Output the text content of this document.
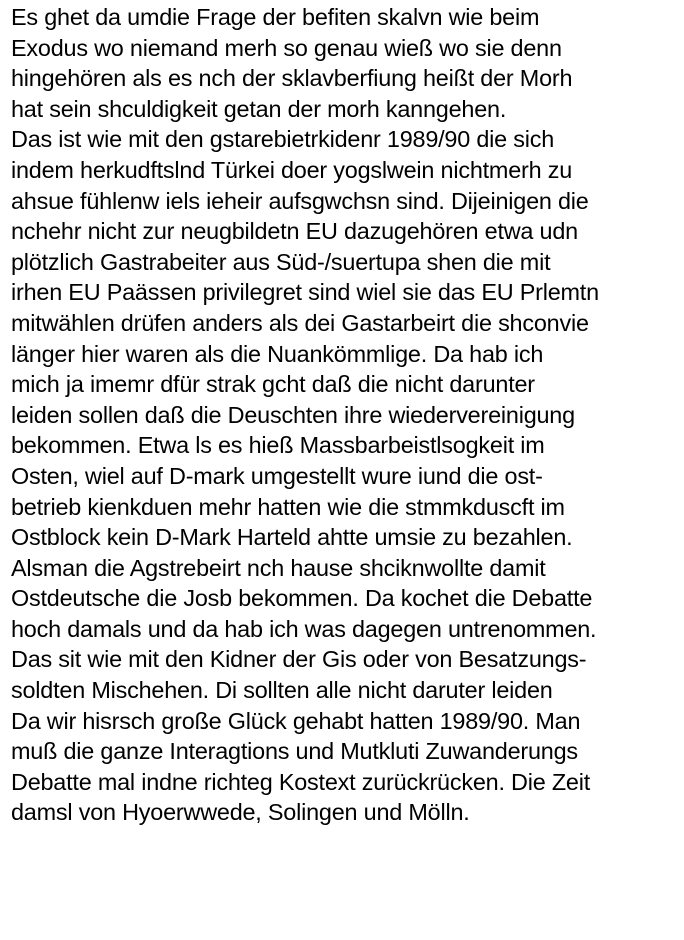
Es ghet da umdie Frage der befiten skalvn wie beim
Exodus wo niemand merh so genau wieß wo sie denn
hingehören als es nch der sklavberfiung heißt der Morh
hat sein shculdigkeit getan der morh kanngehen.
Das ist wie mit den gstarebietrkidenr 1989/90 die sich
indem herkudftslnd Türkei doer yogslwein nichtmerh zu
ahsue fühlenw iels ieheir aufsgwchsn sind. Dijeinigen die
nchehr nicht zur neugbildetn EU dazugehören etwa udn
plötzlich Gastrabeiter aus Süd-/suertupa shen die mit
irhen EU Paässen privilegret sind wiel sie das EU Prlemtn
mitwählen drüfen anders als dei Gastarbeirt die shconvie
länger hier waren als die Nuankömmlige. Da hab ich
mich ja imemr dfür strak gcht daß die nicht darunter
leiden sollen daß die Deuschten ihre wiedervereinigung
bekommen. Etwa ls es hieß Massbarbeistlsogkeit im
Osten, wiel auf D-mark umgestellt wure iund die ost-
betrieb kienkduen mehr hatten wie die stmmkduscft im
Ostblock kein D-Mark Harteld ahtte umsie zu bezahlen.
Alsman die Agstrebeirt nch hause shciknwollte damit
Ostdeutsche die Josb bekommen. Da kochet die Debatte
hoch damals und da hab ich was dagegen untrenommen.
Das sit wie mit den Kidner der Gis oder von Besatzungs-
soldten Mischehen. Di sollten alle nicht daruter leiden
Da wir hisrsch große Glück gehabt hatten 1989/90. Man
muß die ganze Interagtions und Mutkluti Zuwanderungs
Debatte mal indne richteg Kostext zurückrücken. Die Zeit
damsl von Hyoerwwede, Solingen und Mölln.
